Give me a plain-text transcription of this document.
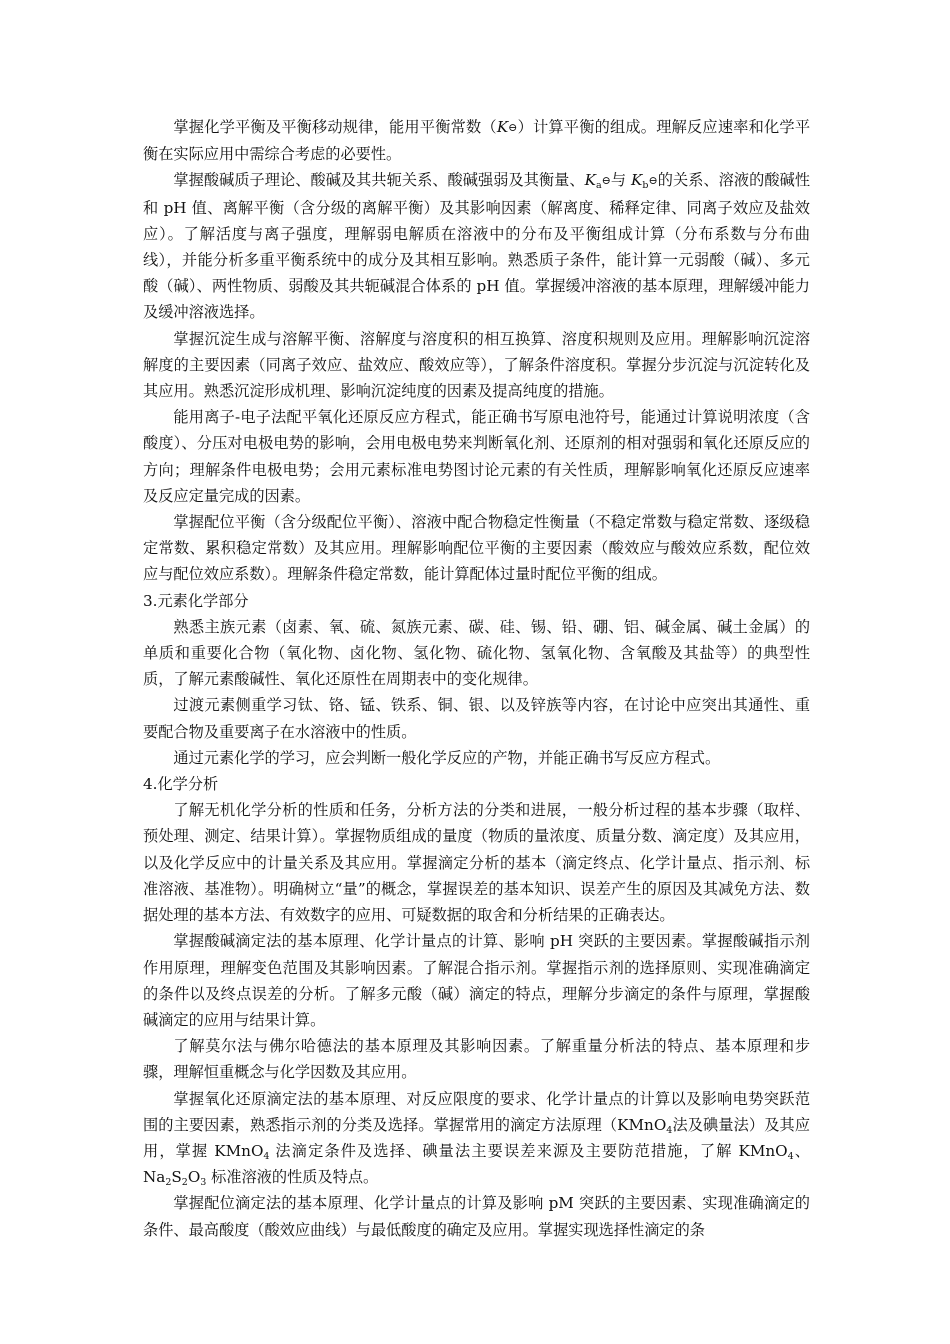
掌握化学平衡及平衡移动规律，能用平衡常数（K⊖）计算平衡的组成。理解反应速率和化学平衡在实际应用中需综合考虑的必要性。

掌握酸碱质子理论、酸碱及其共轭关系、酸碱强弱及其衡量、$K_a⊖$与 $K_b⊖$的关系、溶液的酸碱性和 pH 值、离解平衡（含分级的离解平衡）及其影响因素（解离度、稀释定律、同离子效应及盐效应）。了解活度与离子强度，理解弱电解质在溶液中的分布及平衡组成计算（分布系数与分布曲线），并能分析多重平衡系统中的成分及其相互影响。熟悉质子条件，能计算一元弱酸（碱）、多元酸（碱）、两性物质、弱酸及其共轭碱混合体系的 pH 值。掌握缓冲溶液的基本原理，理解缓冲能力及缓冲溶液选择。

掌握沉淀生成与溶解平衡、溶解度与溶度积的相互换算、溶度积规则及应用。理解影响沉淀溶解度的主要因素（同离子效应、盐效应、酸效应等），了解条件溶度积。掌握分步沉淀与沉淀转化及其应用。熟悉沉淀形成机理、影响沉淀纯度的因素及提高纯度的措施。

能用离子-电子法配平氧化还原反应方程式，能正确书写原电池符号，能通过计算说明浓度（含酸度）、分压对电极电势的影响，会用电极电势来判断氧化剂、还原剂的相对强弱和氧化还原反应的方向；理解条件电极电势；会用元素标准电势图讨论元素的有关性质，理解影响氧化还原反应速率及反应定量完成的因素。

掌握配位平衡（含分级配位平衡）、溶液中配合物稳定性衡量（不稳定常数与稳定常数、逐级稳定常数、累积稳定常数）及其应用。理解影响配位平衡的主要因素（酸效应与酸效应系数，配位效应与配位效应系数）。理解条件稳定常数，能计算配体过量时配位平衡的组成。

3.元素化学部分

熟悉主族元素（卤素、氧、硫、氮族元素、碳、硅、锡、铅、硼、铝、碱金属、碱土金属）的单质和重要化合物（氧化物、卤化物、氢化物、硫化物、氢氧化物、含氧酸及其盐等）的典型性质，了解元素酸碱性、氧化还原性在周期表中的变化规律。

过渡元素侧重学习钛、铬、锰、铁系、铜、银、以及锌族等内容，在讨论中应突出其通性、重要配合物及重要离子在水溶液中的性质。

通过元素化学的学习，应会判断一般化学反应的产物，并能正确书写反应方程式。

4.化学分析

了解无机化学分析的性质和任务，分析方法的分类和进展，一般分析过程的基本步骤（取样、预处理、测定、结果计算）。掌握物质组成的量度（物质的量浓度、质量分数、滴定度）及其应用，以及化学反应中的计量关系及其应用。掌握滴定分析的基本（滴定终点、化学计量点、指示剂、标准溶液、基准物）。明确树立“量”的概念，掌握误差的基本知识、误差产生的原因及其减免方法、数据处理的基本方法、有效数字的应用、可疑数据的取舍和分析结果的正确表达。

掌握酸碱滴定法的基本原理、化学计量点的计算、影响 pH 突跃的主要因素。掌握酸碱指示剂作用原理，理解变色范围及其影响因素。了解混合指示剂。掌握指示剂的选择原则、实现准确滴定的条件以及终点误差的分析。了解多元酸（碱）滴定的特点，理解分步滴定的条件与原理，掌握酸碱滴定的应用与结果计算。

了解莫尔法与佛尔哈德法的基本原理及其影响因素。了解重量分析法的特点、基本原理和步骤，理解恒重概念与化学因数及其应用。

掌握氧化还原滴定法的基本原理、对反应限度的要求、化学计量点的计算以及影响电势突跃范围的主要因素，熟悉指示剂的分类及选择。掌握常用的滴定方法原理（KMnO$_4$法及碘量法）及其应用，掌握 KMnO$_4$ 法滴定条件及选择、碘量法主要误差来源及主要防范措施，了解 KMnO$_4$、$Na_2S_2O_3$ 标准溶液的性质及特点。

掌握配位滴定法的基本原理、化学计量点的计算及影响 pM 突跃的主要因素、实现准确滴定的条件、最高酸度（酸效应曲线）与最低酸度的确定及应用。掌握实现选择性滴定的条
